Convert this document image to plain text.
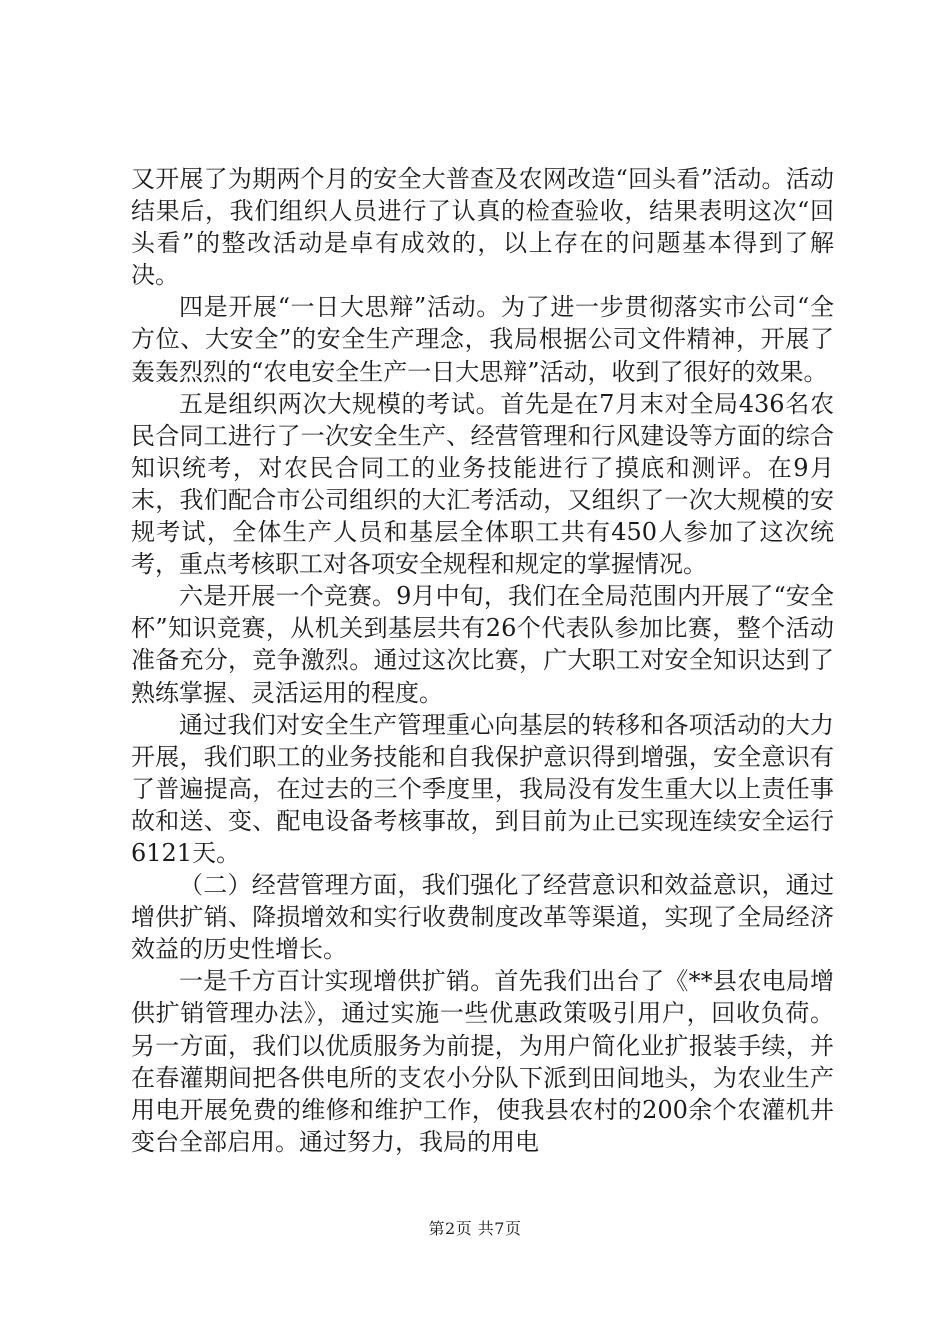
又开展了为期两个月的安全大普查及农网改造“回头看”活动。活动结果后，我们组织人员进行了认真的检查验收，结果表明这次“回头看”的整改活动是卓有成效的，以上存在的问题基本得到了解决。

四是开展“一日大思辩”活动。为了进一步贯彻落实市公司“全方位、大安全”的安全生产理念，我局根据公司文件精神，开展了轰轰烈烈的“农电安全生产一日大思辩”活动，收到了很好的效果。

五是组织两次大规模的考试。首先是在7月末对全局436名农民合同工进行了一次安全生产、经营管理和行风建设等方面的综合知识统考，对农民合同工的业务技能进行了摸底和测评。在9月末，我们配合市公司组织的大汇考活动，又组织了一次大规模的安规考试，全体生产人员和基层全体职工共有450人参加了这次统考，重点考核职工对各项安全规程和规定的掌握情况。

六是开展一个竞赛。9月中旬，我们在全局范围内开展了“安全杯”知识竞赛，从机关到基层共有26个代表队参加比赛，整个活动准备充分，竞争激烈。通过这次比赛，广大职工对安全知识达到了熟练掌握、灵活运用的程度。

通过我们对安全生产管理重心向基层的转移和各项活动的大力开展，我们职工的业务技能和自我保护意识得到增强，安全意识有了普遍提高，在过去的三个季度里，我局没有发生重大以上责任事故和送、变、配电设备考核事故，到目前为止已实现连续安全运行6121天。

（二）经营管理方面，我们强化了经营意识和效益意识，通过增供扩销、降损增效和实行收费制度改革等渠道，实现了全局经济效益的历史性增长。

一是千方百计实现增供扩销。首先我们出台了《**县农电局增供扩销管理办法》，通过实施一些优惠政策吸引用户，回收负荷。另一方面，我们以优质服务为前提，为用户简化业扩报装手续，并在春灌期间把各供电所的支农小分队下派到田间地头，为农业生产用电开展免费的维修和维护工作，使我县农村的200余个农灌机井变台全部启用。通过努力，我局的用电

第2页 共7页
